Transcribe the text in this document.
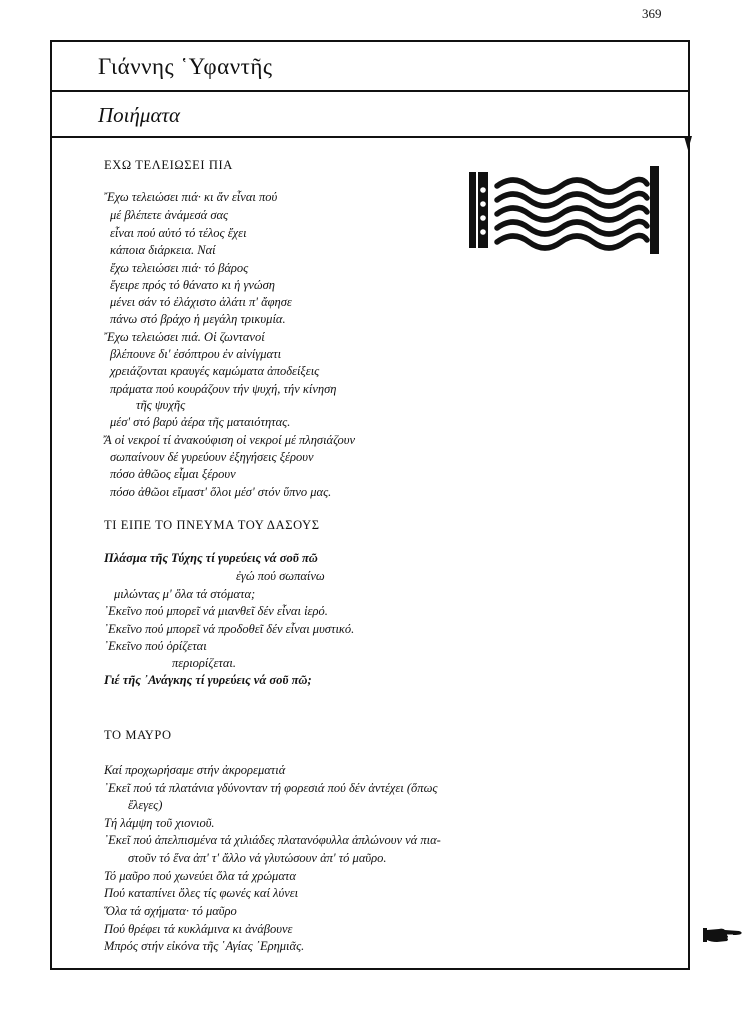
369
Γιάννης ῾Υφαντῆς
Ποιήματα
ΕΧΩ ΤΕΛΕΙΩΣΕΙ ΠΙΑ
Ἔχω τελειώσει πιά· κι ἄν εἶναι πού
μέ βλέπετε ἀνάμεσά σας
εἶναι πού αὐτό τό τέλος ἔχει
κάποια διάρκεια. Ναί
ἔχω τελειώσει πιά· τό βάρος
ἔγειρε πρός τό θάνατο κι ἡ γνώση
μένει σάν τό ἐλάχιστο ἁλάτι π' ἄφησε
πάνω στό βράχο ἡ μεγάλη τρικυμία.
Ἔχω τελειώσει πιά. Οἱ ζωντανοί
βλέπουνε δι' ἐσόπτρου ἐν αἰνίγματι
χρειάζονται κραυγές καμώματα ἀποδείξεις
πράματα πού κουράζουν τήν ψυχή, τήν κίνηση
τῆς ψυχῆς
μέσ' στό βαρύ ἀέρα τῆς ματαιότητας.
Ἄ οἱ νεκροί τί ἀνακούφιση οἱ νεκροί μέ πλησιάζουν
σωπαίνουν δέ γυρεύουν ἐξηγήσεις ξέρουν
πόσο ἀθῶος εἶμαι ξέρουν
πόσο ἀθῶοι εἴμαστ' ὅλοι μέσ' στόν ὕπνο μας.
ΤΙ ΕΙΠΕ ΤΟ ΠΝΕΥΜΑ ΤΟΥ ΔΑΣΟΥΣ
Πλάσμα τῆς Τύχης τί γυρεύεις νά σοῦ πῶ
ἐγώ πού σωπαίνω
μιλώντας μ' ὅλα τά στόματα;
᾿Εκεῖνο πού μπορεῖ νά μιανθεῖ δέν εἶναι ἱερό.
᾿Εκεῖνο πού μπορεῖ νά προδοθεῖ δέν εἶναι μυστικό.
᾿Εκεῖνο πού ὁρίζεται
περιορίζεται.
Γιέ τῆς ᾿Ανάγκης τί γυρεύεις νά σοῦ πῶ;
ΤΟ ΜΑΥΡΟ
Καί προχωρήσαμε στήν ἀκρορεματιά
᾿Εκεῖ πού τά πλατάνια γδύνονταν τή φορεσιά πού δέν ἀντέχει (ὅπως
ἔλεγες)
Τή λάμψη τοῦ χιονιοῦ.
᾿Εκεῖ πού ἀπελπισμένα τά χιλιάδες πλατανόφυλλα ἁπλώνουν νά πια-
στοῦν τό ἕνα ἀπ' τ' ἄλλο νά γλυτώσουν ἀπ' τό μαῦρο.
Τό μαῦρο πού χωνεύει ὅλα τά χρώματα
Πού καταπίνει ὅλες τίς φωνές καί λύνει
Ὅλα τά σχήματα· τό μαῦρο
Πού θρέφει τά κυκλάμινα κι ἀνάβουνε
Μπρός στήν εἰκόνα τῆς ῾Αγίας ᾿Ερημιᾶς.
